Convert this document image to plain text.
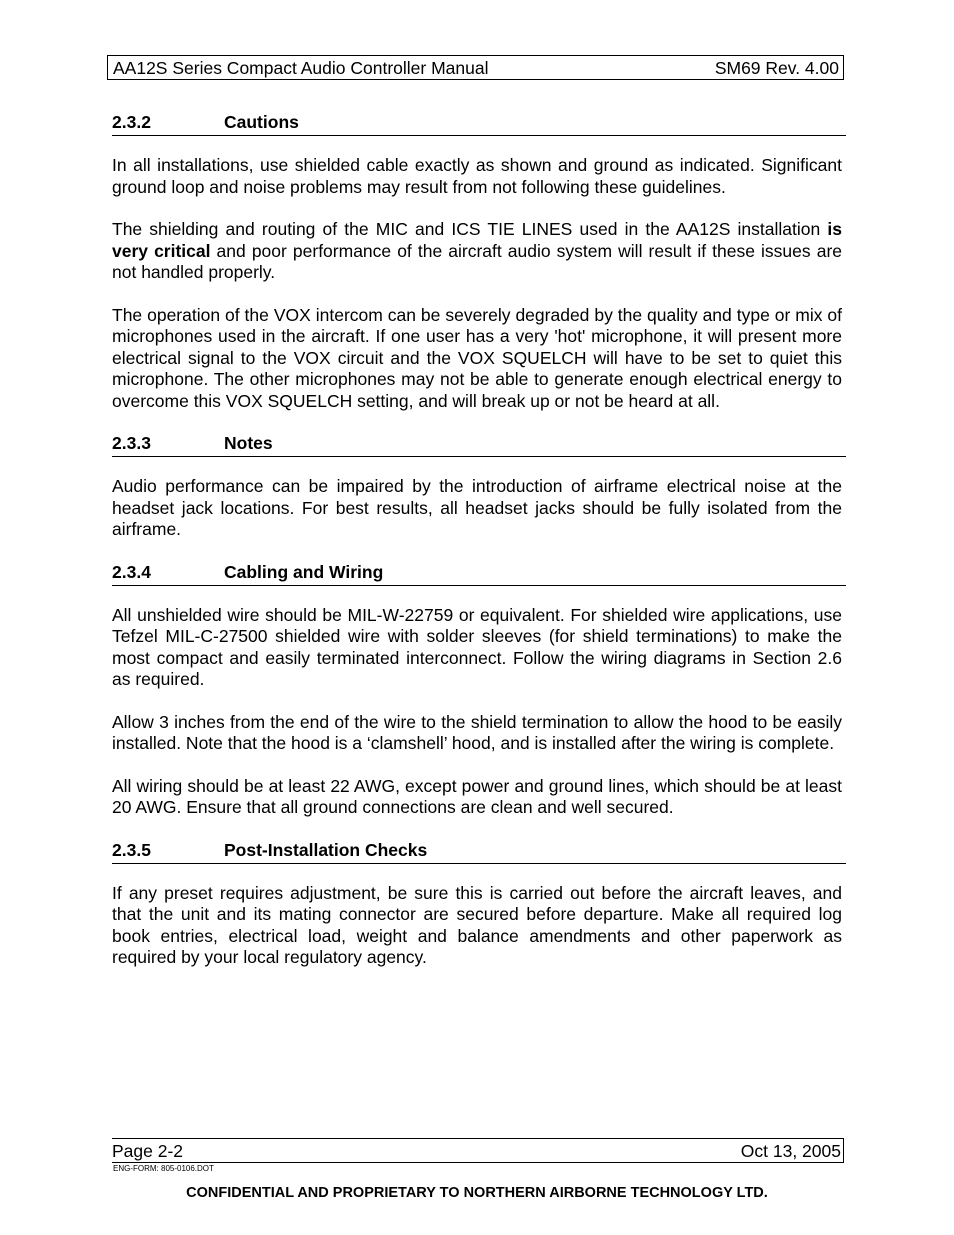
AA12S Series Compact Audio Controller Manual	SM69 Rev. 4.00
2.3.2	Cautions

In all installations, use shielded cable exactly as shown and ground as indicated. Significant ground loop and noise problems may result from not following these guidelines.

The shielding and routing of the MIC and ICS TIE LINES used in the AA12S installation is very critical and poor performance of the aircraft audio system will result if these issues are not handled properly.

The operation of the VOX intercom can be severely degraded by the quality and type or mix of microphones used in the aircraft. If one user has a very 'hot' microphone, it will present more electrical signal to the VOX circuit and the VOX SQUELCH will have to be set to quiet this microphone. The other microphones may not be able to generate enough electrical energy to overcome this VOX SQUELCH setting, and will break up or not be heard at all.

2.3.3	Notes

Audio performance can be impaired by the introduction of airframe electrical noise at the headset jack locations. For best results, all headset jacks should be fully isolated from the airframe.

2.3.4	Cabling and Wiring

All unshielded wire should be MIL-W-22759 or equivalent. For shielded wire applications, use Tefzel MIL-C-27500 shielded wire with solder sleeves (for shield terminations) to make the most compact and easily terminated interconnect. Follow the wiring diagrams in Section 2.6 as required.

Allow 3 inches from the end of the wire to the shield termination to allow the hood to be easily installed. Note that the hood is a ‘clamshell’ hood, and is installed after the wiring is complete.

All wiring should be at least 22 AWG, except power and ground lines, which should be at least 20 AWG. Ensure that all ground connections are clean and well secured.

2.3.5	Post-Installation Checks

If any preset requires adjustment, be sure this is carried out before the aircraft leaves, and that the unit and its mating connector are secured before departure. Make all required log book entries, electrical load, weight and balance amendments and other paperwork as required by your local regulatory agency.

Page 2-2	Oct 13, 2005
ENG-FORM: 805-0106.DOT
CONFIDENTIAL AND PROPRIETARY TO NORTHERN AIRBORNE TECHNOLOGY LTD.
